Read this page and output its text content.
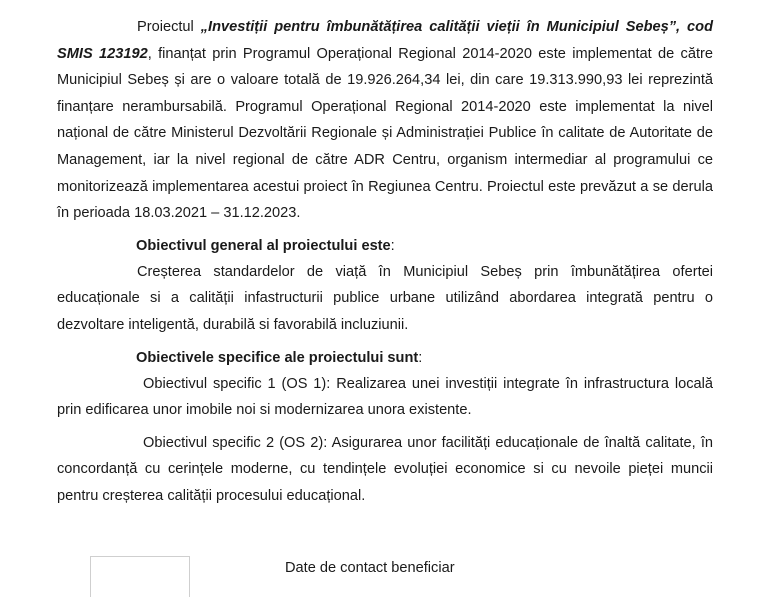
Proiectul „Investiții pentru îmbunătățirea calității vieții în Municipiul Sebeș”, cod SMIS 123192, finanțat prin Programul Operațional Regional 2014-2020 este implementat de către Municipiul Sebeș și are o valoare totală de 19.926.264,34 lei, din care 19.313.990,93 lei reprezintă finanțare nerambursabilă. Programul Operațional Regional 2014-2020 este implementat la nivel național de către Ministerul Dezvoltării Regionale și Administrației Publice în calitate de Autoritate de Management, iar la nivel regional de către ADR Centru, organism intermediar al programului ce monitorizează implementarea acestui proiect în Regiunea Centru. Proiectul este prevăzut a se derula în perioada 18.03.2021 – 31.12.2023.

Obiectivul general al proiectului este:

Creșterea standardelor de viață în Municipiul Sebeș prin îmbunătățirea ofertei educaționale si a calității infastructurii publice urbane utilizând abordarea integrată pentru o dezvoltare inteligentă, durabilă si favorabilă incluziunii.

Obiectivele specifice ale proiectului sunt:

Obiectivul specific 1 (OS 1): Realizarea unei investiții integrate în infrastructura locală prin edificarea unor imobile noi si modernizarea unora existente.

Obiectivul specific 2 (OS 2): Asigurarea unor facilități educaționale de înaltă calitate, în concordanță cu cerințele moderne, cu tendințele evoluției economice si cu nevoile pieței muncii pentru creșterea calității procesului educațional.

Date de contact beneficiar
